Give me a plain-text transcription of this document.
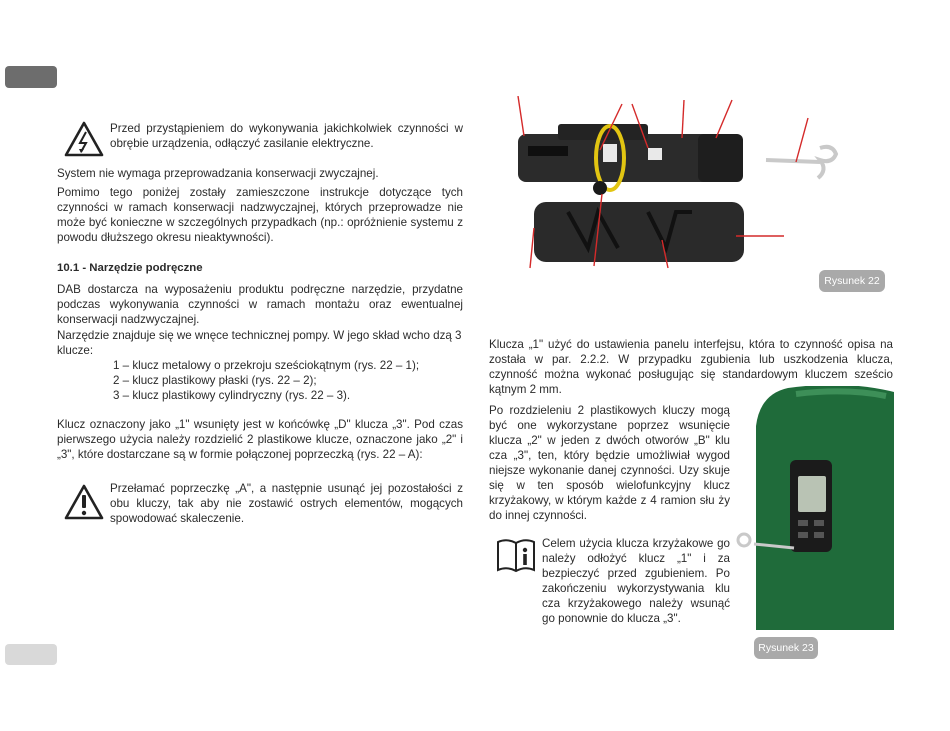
Przed przystąpieniem do wykonywania jakichkolwiek czynności w obrębie urządzenia, odłączyć zasilanie elektryczne.

System nie wymaga przeprowadzania konserwacji zwyczajnej.

Pomimo tego poniżej zostały zamieszczone instrukcje dotyczące tych czynności w ramach konserwacji nadzwyczajnej, których przeprowadze nie może być konieczne w szczególnych przypadkach (np.: opróżnienie systemu z powodu dłuższego okresu nieaktywności).

10.1 - Narzędzie podręczne

DAB dostarcza na wyposażeniu produktu podręczne narzędzie, przydatne podczas wykonywania czynności w ramach montażu oraz ewentualnej konserwacji nadzwyczajnej.

Narzędzie znajduje się we wnęce technicznej pompy. W jego skład wcho dzą 3 klucze:

1 – klucz metalowy o przekroju sześciokątnym (rys. 22 – 1);
2 – klucz plastikowy płaski (rys. 22 – 2);
3 – klucz plastikowy cylindryczny (rys. 22 – 3).

Klucz oznaczony jako „1" wsunięty jest w końcówkę „D" klucza „3". Pod czas pierwszego użycia należy rozdzielić 2 plastikowe klucze, oznaczone jako „2" i „3", które dostarczane są w formie połączonej poprzeczką (rys. 22 – A):

Przełamać poprzeczkę „A", a następnie usunąć jej pozostałości z obu kluczy, tak aby nie zostawić ostrych elementów, mogących spowodować skaleczenie.

Rysunek 22

Klucza „1" użyć do ustawienia panelu interfejsu, która to czynność opisa na została w par. 2.2.2. W przypadku zgubienia lub uszkodzenia klucza, czynność można wykonać posługując się standardowym kluczem sześcio kątnym 2 mm.

Po rozdzieleniu 2 plastikowych kluczy mogą być one wykorzystane poprzez wsunięcie klucza „2" w jeden z dwóch otworów „B" klu cza „3", ten, który będzie umożliwiał wygod niejsze wykonanie danej czynności. Uzy skuje się w ten sposób wielofunkcyjny klucz krzyżakowy, w którym każde z 4 ramion słu ży do innej czynności.

Celem użycia klucza krzyżakowe go należy odłożyć klucz „1" i za bezpieczyć przed zgubieniem. Po zakończeniu wykorzystywania klu cza krzyżakowego należy wsunąć go ponownie do klucza „3".

Rysunek 23
